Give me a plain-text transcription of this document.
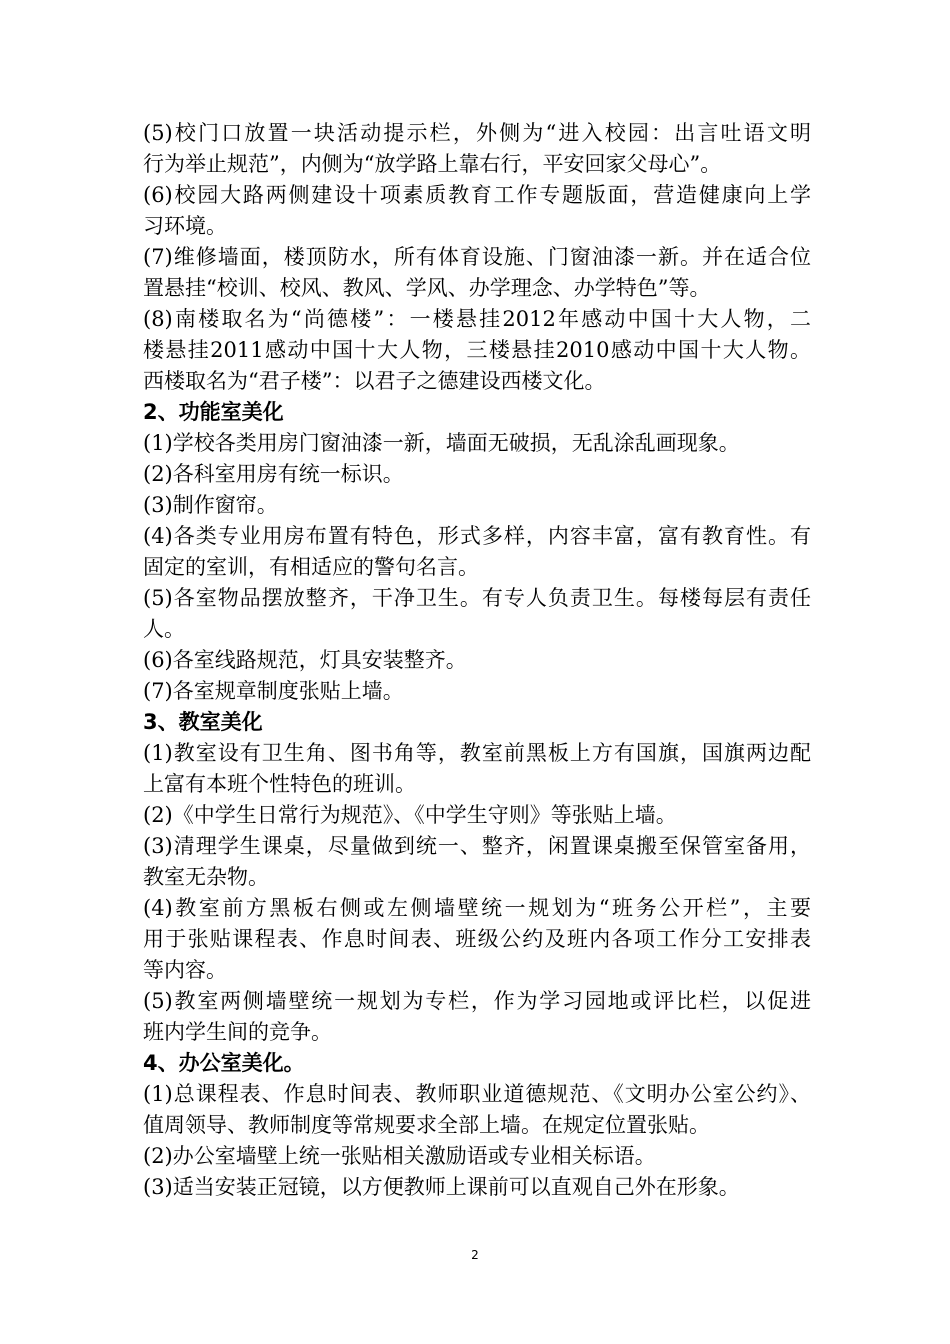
(5)校门口放置一块活动提示栏，外侧为“进入校园：出言吐语文明
行为举止规范”，内侧为“放学路上靠右行，平安回家父母心”。
(6)校园大路两侧建设十项素质教育工作专题版面，营造健康向上学
习环境。
(7)维修墙面，楼顶防水，所有体育设施、门窗油漆一新。并在适合位
置悬挂“校训、校风、教风、学风、办学理念、办学特色”等。
(8)南楼取名为“尚德楼”：一楼悬挂2012年感动中国十大人物，二
楼悬挂2011感动中国十大人物，三楼悬挂2010感动中国十大人物。
西楼取名为“君子楼”：以君子之德建设西楼文化。
2、功能室美化
(1)学校各类用房门窗油漆一新，墙面无破损，无乱涂乱画现象。
(2)各科室用房有统一标识。
(3)制作窗帘。
(4)各类专业用房布置有特色，形式多样，内容丰富，富有教育性。有
固定的室训，有相适应的警句名言。
(5)各室物品摆放整齐，干净卫生。有专人负责卫生。每楼每层有责任
人。
(6)各室线路规范，灯具安装整齐。
(7)各室规章制度张贴上墙。
3、教室美化
(1)教室设有卫生角、图书角等，教室前黑板上方有国旗，国旗两边配
上富有本班个性特色的班训。
(2)《中学生日常行为规范》、《中学生守则》等张贴上墙。
(3)清理学生课桌，尽量做到统一、整齐，闲置课桌搬至保管室备用，
教室无杂物。
(4)教室前方黑板右侧或左侧墙壁统一规划为“班务公开栏”，主要
用于张贴课程表、作息时间表、班级公约及班内各项工作分工安排表
等内容。
(5)教室两侧墙壁统一规划为专栏，作为学习园地或评比栏，以促进
班内学生间的竞争。
4、办公室美化。
(1)总课程表、作息时间表、教师职业道德规范、《文明办公室公约》、
值周领导、教师制度等常规要求全部上墙。在规定位置张贴。
(2)办公室墙壁上统一张贴相关激励语或专业相关标语。
(3)适当安装正冠镜，以方便教师上课前可以直观自己外在形象。
2
